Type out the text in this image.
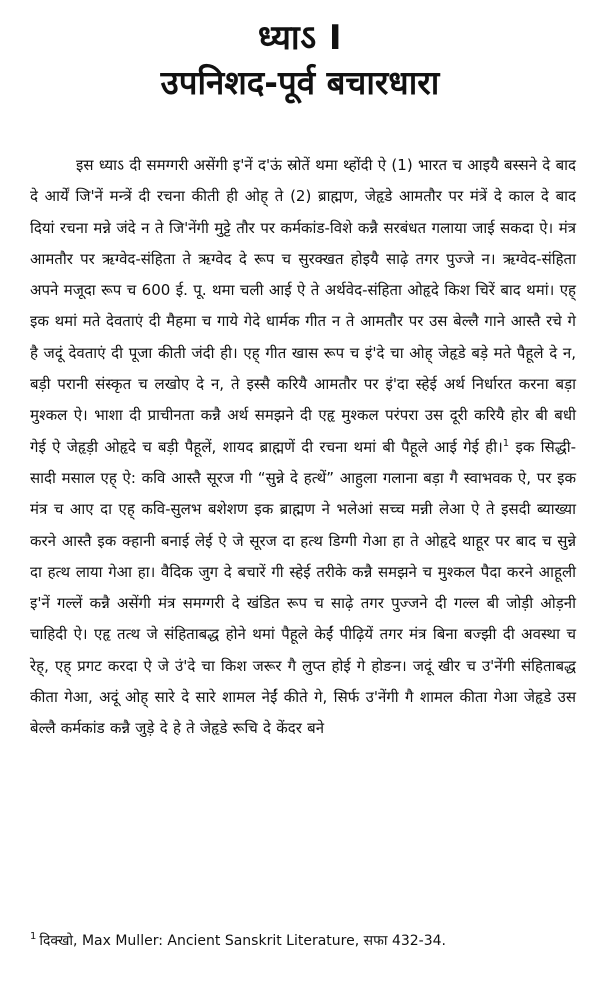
ध्याऽ I
उपनिशद-पूर्व बचारधारा

इस ध्याऽ दी समग्गरी असेंगी इ'नें द'ऊं स्रोतें थमा थ्होंदी ऐ (1) भारत च आइयै बस्सने दे बाद दे आर्यें जि'नें मन्त्रें दी रचना कीती ही ओह् ते (2) ब्राह्मण, जेहृडे आमतौर पर मंत्रें दे काल दे बाद दियां रचना मन्ने जंदे न ते जि'नेंगी मुट्टे तौर पर कर्मकांड-विशे कन्नै सरबंधत गलाया जाई सकदा ऐ। मंत्र आमतौर पर ऋग्वेद-संहिता ते ऋग्वेद दे रूप च सुरक्खत होइयै साढ़े तगर पुज्जे न। ऋग्वेद-संहिता अपने मजूदा रूप च 600 ई. पू. थमा चली आई ऐ ते अर्थवेद-संहिता ओहृदे किश चिरें बाद थमां। एह् इक थमां मते देवताएं दी मैहमा च गाये गेदे धार्मक गीत न ते आमतौर पर उस बेल्लै गाने आस्तै रचे गे है जदूं देवताएं दी पूजा कीती जंदी ही। एह् गीत खास रूप च इं'दे चा ओह् जेहृडे बड़े मते पैहूले दे न, बड़ी परानी संस्कृत च लखोए दे न, ते इस्सै करियै आमतौर पर इं'दा स्हेई अर्थ निर्धारत करना बड़ा मुश्कल ऐ। भाशा दी प्राचीनता कन्नै अर्थ समझने दी एहृ मुश्कल परंपरा उस दूरी करियै होर बी बधी गेई ऐ जेहृड़ी ओहृदे च बड़ी पैहूलें, शायद ब्राह्मणें दी रचना थमां बी पैहूले आई गेई ही।$^1$ इक सिद्धी-सादी मसाल एह् ऐ: कवि आस्तै सूरज गी “सुन्ने दे हत्थें” आहुला गलाना बड़ा गै स्वाभवक ऐ, पर इक मंत्र च आए दा एह् कवि-सुलभ बशेशण इक ब्राह्मण ने भलेआं सच्च मन्नी लेआ ऐ ते इसदी ब्याख्या करने आस्तै इक क्हानी बनाई लेई ऐ जे सूरज दा हत्थ डिग्गी गेआ हा ते ओहृदे थाहूर पर बाद च सुन्ने दा हत्थ लाया गेआ हा। वैदिक जुग दे बचारें गी स्हेई तरीके कन्नै समझने च मुश्कल पैदा करने आहूली इ'नें गल्लें कन्नै असेंगी मंत्र समग्गरी दे खंडित रूप च साढ़े तगर पुज्जने दी गल्ल बी जोड़ी ओड़नी चाहिदी ऐ। एहृ तत्थ जे संहिताबद्ध होने थमां पैहूले केईं पीढ़ियें तगर मंत्र बिना बज्झी दी अवस्था च रेह्, एह् प्रगट करदा ऐ जे उं'दे चा किश जरूर गै लुप्त होई गे होङन। जदूं खीर च उ'नेंगी संहिताबद्ध कीता गेआ, अदूं ओह् सारे दे सारे शामल नेईं कीते गे, सिर्फ उ'नेंगी गै शामल कीता गेआ जेहृडे उस बेल्लै कर्मकांड कन्नै जुड़े दे हे ते जेहृडे रूचि दे केंदर बने

$^1$ दिक्खो, Max Muller: Ancient Sanskrit Literature, सफा 432-34.
